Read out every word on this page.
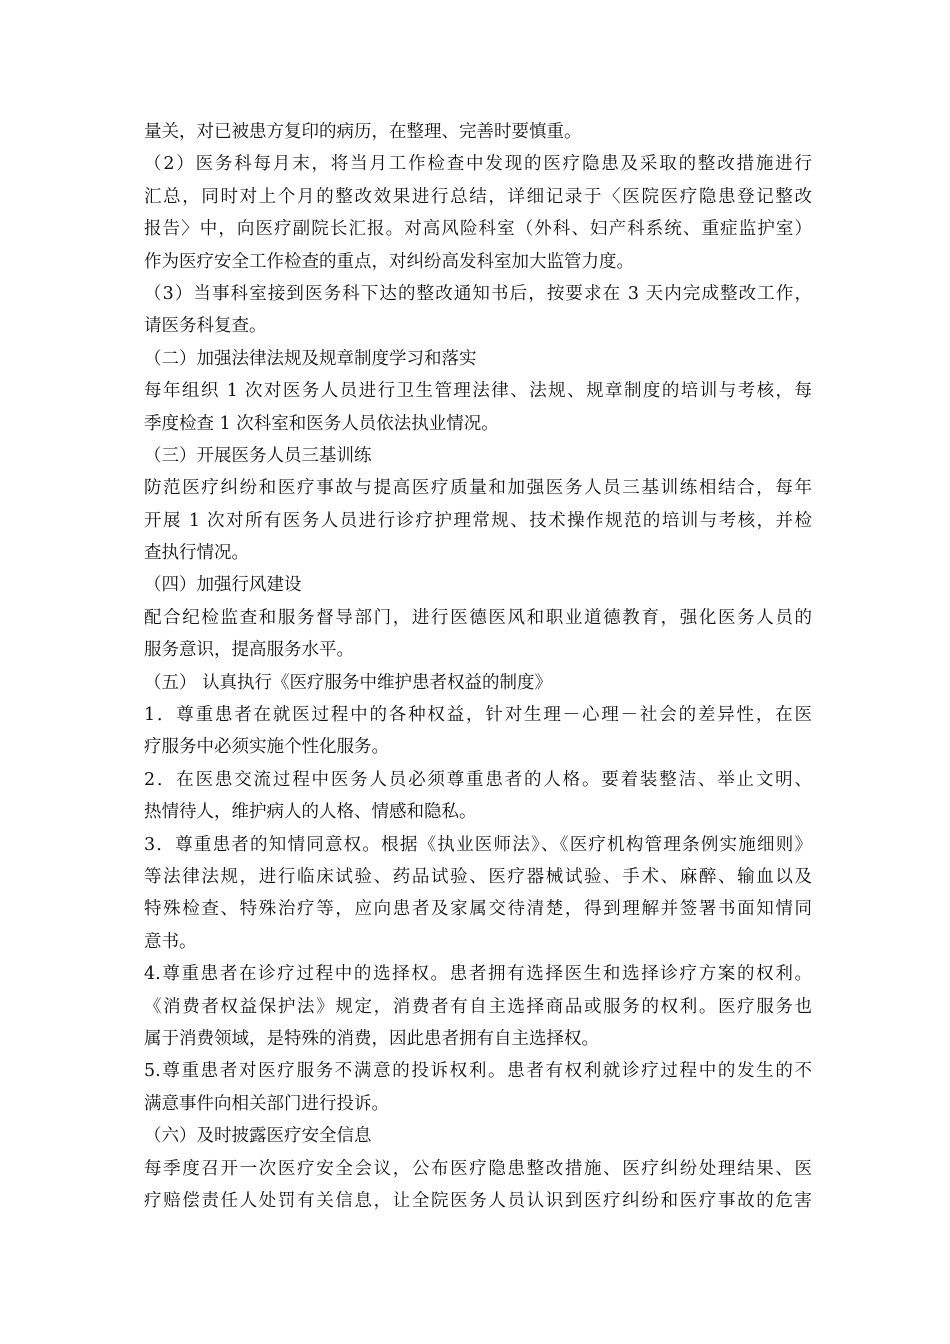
量关，对已被患方复印的病历，在整理、完善时要慎重。
（2）医务科每月末，将当月工作检查中发现的医疗隐患及采取的整改措施进行
汇总，同时对上个月的整改效果进行总结，详细记录于〈医院医疗隐患登记整改
报告〉中，向医疗副院长汇报。对高风险科室（外科、妇产科系统、重症监护室）
作为医疗安全工作检查的重点，对纠纷高发科室加大监管力度。
（3）当事科室接到医务科下达的整改通知书后，按要求在 3 天内完成整改工作，
请医务科复查。
（二）加强法律法规及规章制度学习和落实
每年组织 1 次对医务人员进行卫生管理法律、法规、规章制度的培训与考核，每
季度检查 1 次科室和医务人员依法执业情况。
（三）开展医务人员三基训练
防范医疗纠纷和医疗事故与提高医疗质量和加强医务人员三基训练相结合，每年
开展 1 次对所有医务人员进行诊疗护理常规、技术操作规范的培训与考核，并检
查执行情况。
（四）加强行风建设
配合纪检监查和服务督导部门，进行医德医风和职业道德教育，强化医务人员的
服务意识，提高服务水平。
（五） 认真执行《医疗服务中维护患者权益的制度》
1．尊重患者在就医过程中的各种权益，针对生理－心理－社会的差异性，在医
疗服务中必须实施个性化服务。
2．在医患交流过程中医务人员必须尊重患者的人格。要着装整洁、举止文明、
热情待人，维护病人的人格、情感和隐私。
3．尊重患者的知情同意权。根据《执业医师法》、《医疗机构管理条例实施细则》
等法律法规，进行临床试验、药品试验、医疗器械试验、手术、麻醉、输血以及
特殊检查、特殊治疗等，应向患者及家属交待清楚，得到理解并签署书面知情同
意书。
4.尊重患者在诊疗过程中的选择权。患者拥有选择医生和选择诊疗方案的权利。
《消费者权益保护法》规定，消费者有自主选择商品或服务的权利。医疗服务也
属于消费领域，是特殊的消费，因此患者拥有自主选择权。
5.尊重患者对医疗服务不满意的投诉权利。患者有权利就诊疗过程中的发生的不
满意事件向相关部门进行投诉。
（六）及时披露医疗安全信息
每季度召开一次医疗安全会议，公布医疗隐患整改措施、医疗纠纷处理结果、医
疗赔偿责任人处罚有关信息，让全院医务人员认识到医疗纠纷和医疗事故的危害
